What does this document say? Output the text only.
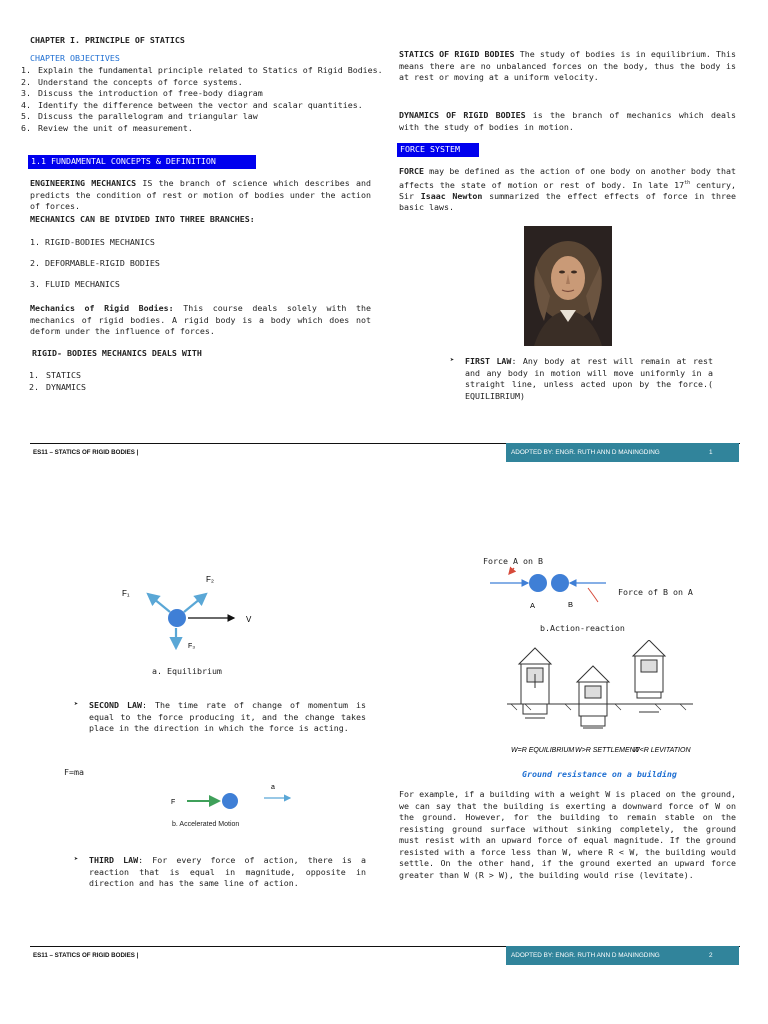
CHAPTER I. PRINCIPLE OF STATICS
CHAPTER OBJECTIVES
1. Explain the fundamental principle related to Statics of Rigid Bodies.
2. Understand the concepts of force systems.
3. Discuss the introduction of free-body diagram
4. Identify the difference between the vector and scalar quantities.
5. Discuss the parallelogram and triangular law
6. Review the unit of measurement.
1.1 FUNDAMENTAL CONCEPTS & DEFINITION
ENGINEERING MECHANICS IS the branch of science which describes and predicts the condition of rest or motion of bodies under the action of forces.
MECHANICS CAN BE DIVIDED INTO THREE BRANCHES:
1. RIGID-BODIES MECHANICS
2. DEFORMABLE-RIGID BODIES
3. FLUID MECHANICS
Mechanics of Rigid Bodies: This course deals solely with the mechanics of rigid bodies. A rigid body is a body which does not deform under the influence of forces.
RIGID- BODIES MECHANICS DEALS WITH
1. STATICS
2. DYNAMICS
STATICS OF RIGID BODIES The study of bodies is in equilibrium. This means there are no unbalanced forces on the body, thus the body is at rest or moving at a uniform velocity.
DYNAMICS OF RIGID BODIES is the branch of mechanics which deals with the study of bodies in motion.
FORCE SYSTEM
FORCE may be defined as the action of one body on another body that affects the state of motion or rest of body. In late 17th century, Sir Isaac Newton summarized the effect effects of force in three basic laws.
➤ FIRST LAW: Any body at rest will remain at rest and any body in motion will move uniformly in a straight line, unless acted upon by the force.( EQUILIBRIUM)
ES11 – STATICS OF RIGID BODIES |	ADOPTED BY: ENGR. RUTH ANN D MANINGDING	1
F₁
F₂
F₃
V
a. Equilibrium
➤ SECOND LAW: The time rate of change of momentum is equal to the force producing it, and the change takes place in the direction in which the force is acting.
F=ma
F
a
b. Accelerated Motion
➤ THIRD LAW: For every force of action, there is a reaction that is equal in magnitude, opposite in direction and has the same line of action.
Force A on B
A	B
Force of B on A
b.Action-reaction
W=R EQUILIBRIUM W>R SETTLEMENT
W<R LEVITATION
Ground resistance on a building
For example, if a building with a weight W is placed on the ground, we can say that the building is exerting a downward force of W on the ground. However, for the building to remain stable on the resisting ground surface without sinking completely, the ground must resist with an upward force of equal magnitude. If the ground resisted with a force less than W, where R < W, the building would settle. On the other hand, if the ground exerted an upward force greater than W (R > W), the building would rise (levitate).
ES11 – STATICS OF RIGID BODIES |	ADOPTED BY: ENGR. RUTH ANN D MANINGDING	2
